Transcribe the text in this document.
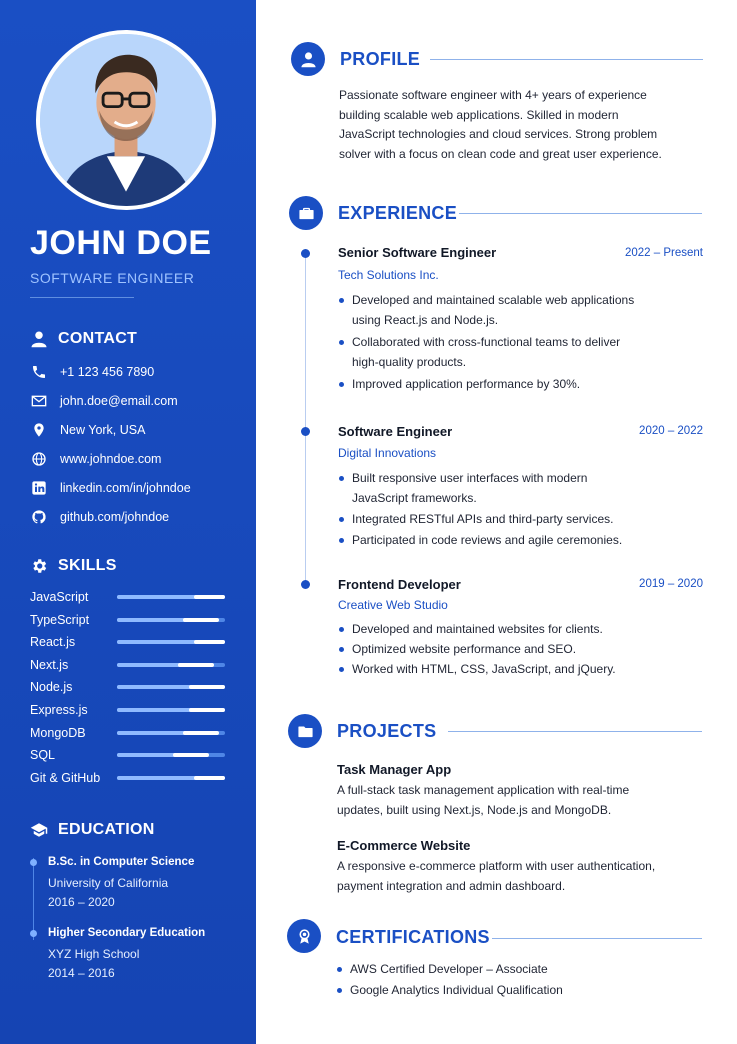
JOHN DOE
SOFTWARE ENGINEER
CONTACT
+1 123 456 7890
john.doe@email.com
New York, USA
www.johndoe.com
linkedin.com/in/johndoe
github.com/johndoe
SKILLS
JavaScript
TypeScript
React.js
Next.js
Node.js
Express.js
MongoDB
SQL
Git & GitHub
EDUCATION
B.Sc. in Computer Science
University of California
2016 – 2020
Higher Secondary Education
XYZ High School
2014 – 2016
PROFILE
Passionate software engineer with 4+ years of experience
building scalable web applications. Skilled in modern
JavaScript technologies and cloud services. Strong problem
solver with a focus on clean code and great user experience.
EXPERIENCE
Senior Software Engineer	2022 – Present
Tech Solutions Inc.
Developed and maintained scalable web applications
using React.js and Node.js.
Collaborated with cross-functional teams to deliver
high-quality products.
Improved application performance by 30%.
Software Engineer	2020 – 2022
Digital Innovations
Built responsive user interfaces with modern
JavaScript frameworks.
Integrated RESTful APIs and third-party services.
Participated in code reviews and agile ceremonies.
Frontend Developer	2019 – 2020
Creative Web Studio
Developed and maintained websites for clients.
Optimized website performance and SEO.
Worked with HTML, CSS, JavaScript, and jQuery.
PROJECTS
Task Manager App
A full-stack task management application with real-time
updates, built using Next.js, Node.js and MongoDB.
E-Commerce Website
A responsive e-commerce platform with user authentication,
payment integration and admin dashboard.
CERTIFICATIONS
AWS Certified Developer – Associate
Google Analytics Individual Qualification
